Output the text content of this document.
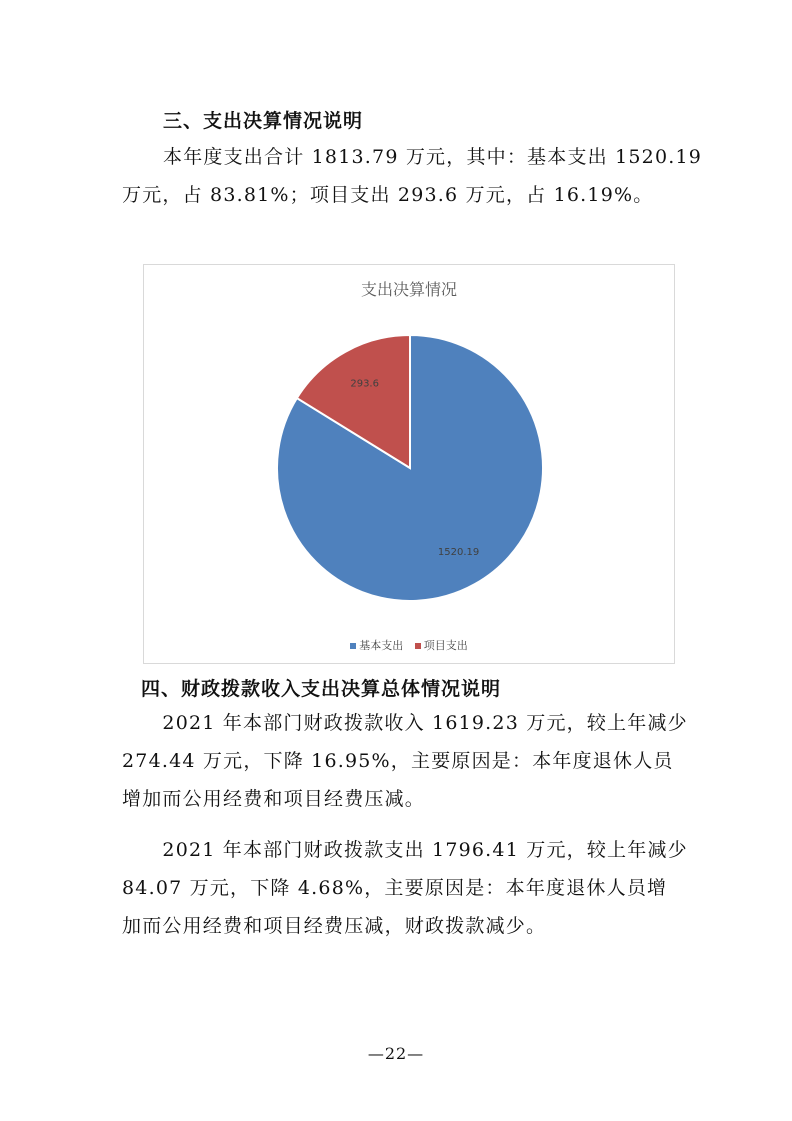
三、支出决算情况说明
本年度支出合计 1813.79 万元，其中：基本支出 1520.19
万元，占 83.81%；项目支出 293.6 万元，占 16.19%。
支出决算情况
1520.19
293.6
基本支出 项目支出
四、财政拨款收入支出决算总体情况说明
　　2021 年本部门财政拨款收入 1619.23 万元，较上年减少
274.44 万元，下降 16.95%，主要原因是：本年度退休人员
增加而公用经费和项目经费压减。
　　2021 年本部门财政拨款支出 1796.41 万元，较上年减少
84.07 万元，下降 4.68%，主要原因是：本年度退休人员增
加而公用经费和项目经费压减，财政拨款减少。
—22—
